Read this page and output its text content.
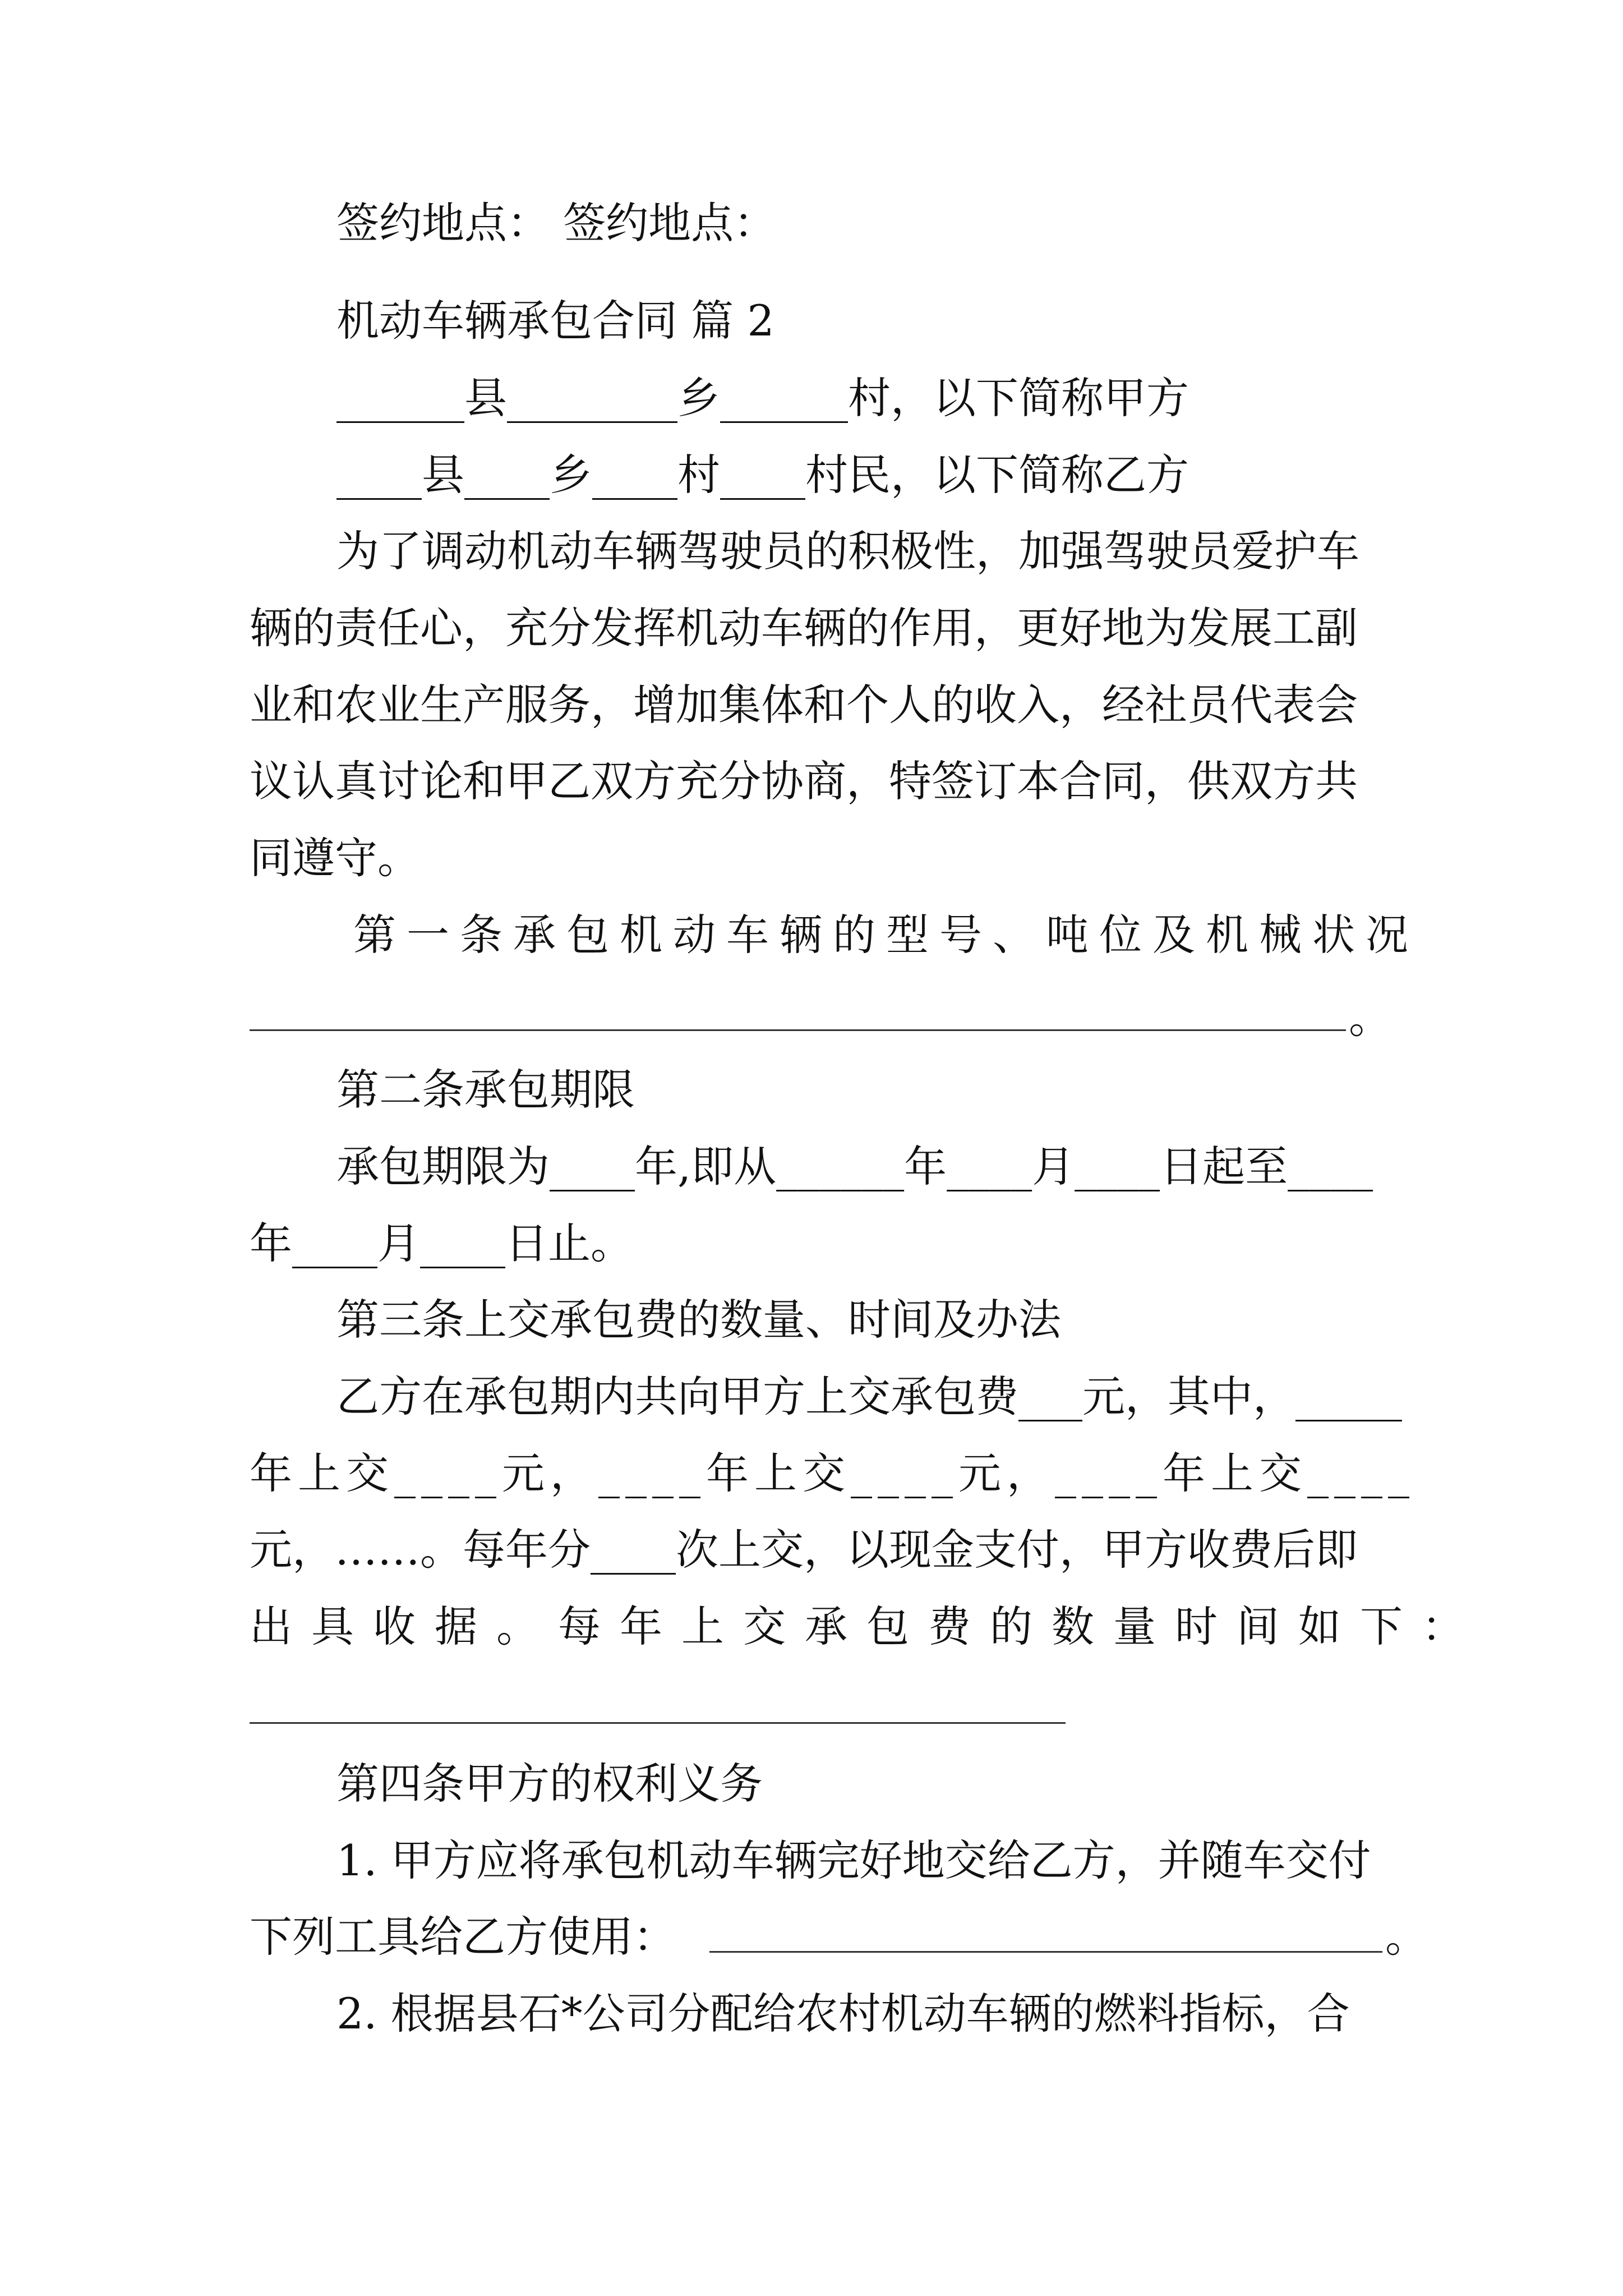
签约地点： 签约地点：
机动车辆承包合同 篇 2
______县________乡______村，以下简称甲方
____县____乡____村____村民，以下简称乙方
为了调动机动车辆驾驶员的积极性，加强驾驶员爱护车
辆的责任心，充分发挥机动车辆的作用，更好地为发展工副
业和农业生产服务，增加集体和个人的收入，经社员代表会
议认真讨论和甲乙双方充分协商，特签订本合同，供双方共
同遵守。
第一条承包机动车辆的型号、吨位及机械状况
。
第二条承包期限
承包期限为____年,即从______年____月____日起至____
年____月____日止。
第三条上交承包费的数量、时间及办法
乙方在承包期内共向甲方上交承包费___元，其中，_____
年上交____元，____年上交____元，____年上交____
元，……。每年分____次上交，以现金支付，甲方收费后即
出具收据。每年上交承包费的数量时间如下：
第四条甲方的权利义务
1. 甲方应将承包机动车辆完好地交给乙方，并随车交付
下列工具给乙方使用：	。
2. 根据县石*公司分配给农村机动车辆的燃料指标，合
